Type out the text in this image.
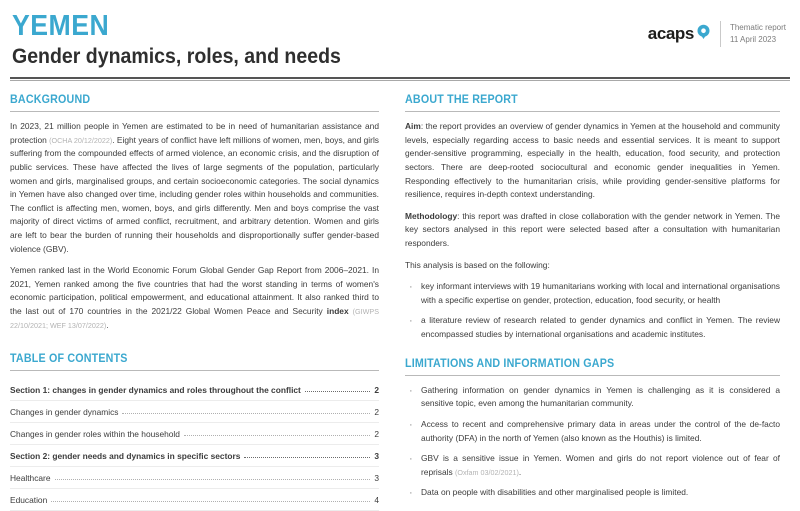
YEMEN
Gender dynamics, roles, and needs
acaps	Thematic report
11 April 2023
BACKGROUND

In 2023, 21 million people in Yemen are estimated to be in need of humanitarian assistance and protection (OCHA 20/12/2022). Eight years of conflict have left millions of women, men, boys, and girls suffering from the compounded effects of armed violence, an economic crisis, and the disruption of public services. These have affected the lives of large segments of the population, particularly women and girls, marginalised groups, and certain socioeconomic categories. The social dynamics in Yemen have also changed over time, including gender roles within households and communities. The conflict is affecting men, women, boys, and girls differently. Men and boys comprise the vast majority of direct victims of armed conflict, recruitment, and arbitrary detention. Women and girls are left to bear the burden of running their households and disproportionally suffer gender-based violence (GBV).

Yemen ranked last in the World Economic Forum Global Gender Gap Report from 2006–2021. In 2021, Yemen ranked among the five countries that had the worst standing in terms of women's economic participation, political empowerment, and educational attainment. It also ranked third to the last out of 170 countries in the 2021/22 Global Women Peace and Security index (GIWPS 22/10/2021; WEF 13/07/2022).

TABLE OF CONTENTS
Section 1: changes in gender dynamics and roles throughout the conflict	2
Changes in gender dynamics	2
Changes in gender roles within the household	2
Section 2: gender needs and dynamics in specific sectors	3
Healthcare	3
Education	4
ABOUT THE REPORT

Aim: the report provides an overview of gender dynamics in Yemen at the household and community levels, especially regarding access to basic needs and essential services. It is meant to support gender-sensitive programming, especially in the health, education, food security, and protection sectors. There are deep-rooted sociocultural and economic gender inequalities in Yemen. Responding effectively to the humanitarian crisis, while providing gender-sensitive platforms for resilience, requires in-depth context understanding.

Methodology: this report was drafted in close collaboration with the gender network in Yemen. The key sectors analysed in this report were selected based after a consultation with humanitarian responders.

This analysis is based on the following:

· key informant interviews with 19 humanitarians working with local and international organisations with a specific expertise on gender, protection, education, food security, or health
· a literature review of research related to gender dynamics and conflict in Yemen. The review encompassed studies by international organisations and academic institutes.
LIMITATIONS AND INFORMATION GAPS
· Gathering information on gender dynamics in Yemen is challenging as it is considered a sensitive topic, even among the humanitarian community.
· Access to recent and comprehensive primary data in areas under the control of the de-facto authority (DFA) in the north of Yemen (also known as the Houthis) is limited.
· GBV is a sensitive issue in Yemen. Women and girls do not report violence out of fear of reprisals (Oxfam 03/02/2021).
· Data on people with disabilities and other marginalised people is limited.
